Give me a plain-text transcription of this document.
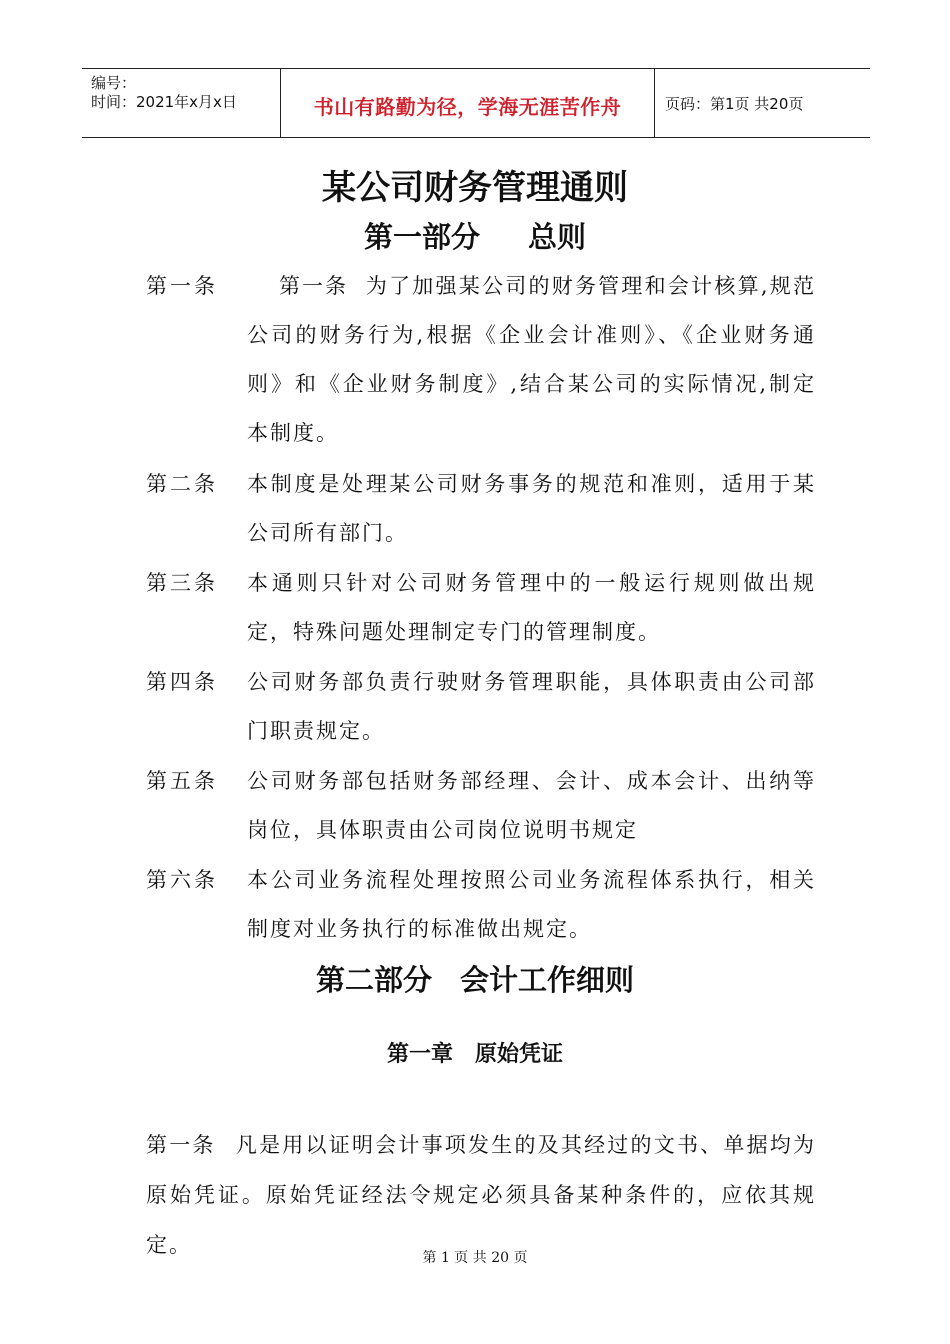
编号：
时间：2021年x月x日	书山有路勤为径，学海无涯苦作舟	页码：第1页 共20页
某公司财务管理通则
第一部分 总则
第一条	第一条 为了加强某公司的财务管理和会计核算,规范公司的财务行为,根据《企业会计准则》、《企业财务通则》和《企业财务制度》,结合某公司的实际情况,制定本制度。
第二条 本制度是处理某公司财务事务的规范和准则，适用于某公司所有部门。
第三条 本通则只针对公司财务管理中的一般运行规则做出规定，特殊问题处理制定专门的管理制度。
第四条 公司财务部负责行驶财务管理职能，具体职责由公司部门职责规定。
第五条 公司财务部包括财务部经理、会计、成本会计、出纳等岗位，具体职责由公司岗位说明书规定
第六条 本公司业务流程处理按照公司业务流程体系执行，相关制度对业务执行的标准做出规定。
第二部分 会计工作细则
第一章 原始凭证
第一条 凡是用以证明会计事项发生的及其经过的文书、单据均为原始凭证。原始凭证经法令规定必须具备某种条件的，应依其规定。
第 1 页 共 20 页
